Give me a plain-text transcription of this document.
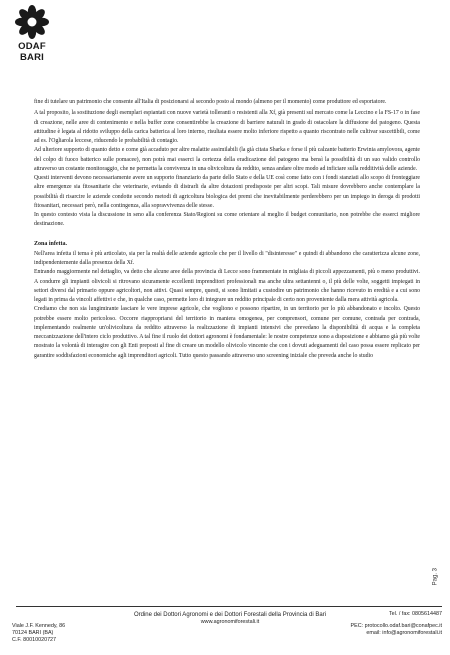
ODAF BARI

fine di tutelare un patrimonio che consente all'Italia di posizionarsi al secondo posto al mondo (almeno per il momento) come produttore ed esportatore.

A tal proposito, la sostituzione degli esemplari espiantati con nuove varietà tolleranti o resistenti alla Xf, già presenti sul mercato come la Leccino e la FS-17 o in fase di creazione, nelle aree di contenimento e nella buffer zone consentirebbe la creazione di barriere naturali in grado di ostacolare la diffusione del patogeno. Questa attitudine è legata al ridotto sviluppo della carica batterica al loro interno, risultata essere molto inferiore rispetto a quanto riscontrato nelle cultivar suscettibili, come ad es. l'Ogliarola leccese, riducendo le probabilità di contagio.

Ad ulteriore supporto di quanto detto e come già accaduto per altre malattie assimilabili (la già citata Sharka e forse il più calzante batterio Erwinia amylovora, agente del colpo di fuoco batterico sulle pomacee), non potrà mai esserci la certezza della eradicazione del patogeno ma bensì la possibilità di un suo valido controllo attraverso un costante monitoraggio, che ne permetta la convivenza in una olivicoltura da reddito, senza andare oltre modo ad inficiare sulla redditività delle aziende.

Questi interventi devono necessariamente avere un supporto finanziario da parte dello Stato e della UE così come fatto con i fondi stanziati allo scopo di fronteggiare altre emergenze sia fitosanitarie che veterinarie, evitando di distrarli da altre dotazioni predisposte per altri scopi. Tali misure dovrebbero anche contemplare la possibilità di risarcire le aziende condotte secondo metodi di agricoltura biologica dei premi che inevitabilmente perderebbero per un impiego in deroga di prodotti fitosanitari, necessari però, nella contingenza, alla sopravvivenza delle stesse.

In questo contesto vista la discussione in seno alla conferenza Stato/Regioni su come orientare al meglio il budget comunitario, non potrebbe che esserci migliore destinazione.

Zona infetta.

Nell'area infetta il tema è più articolato, sia per la realtà delle aziende agricole che per il livello di "disinteresse" e quindi di abbandono che caratterizza alcune zone, indipendentemente dalla presenza della Xf.

Entrando maggiormente nel dettaglio, va detto che alcune aree della provincia di Lecce sono frammentate in migliaia di piccoli appezzamenti, più o meno produttivi. A condurre gli impianti olivicoli si ritrovano sicuramente eccellenti imprenditori professionali ma anche ultra settantenni o, il più delle volte, soggetti impiegati in settori diversi dal primario oppure agricoltori, non attivi. Quasi sempre, questi, si sono limitati a custodire un patrimonio che hanno ricevuto in eredità e a cui sono legati in prima da vincoli affettivi e che, in qualche caso, permette loro di integrare un reddito principale di certo non proveniente dalla mera attività agricola.

Crediamo che non sia lungimirante lasciare le vere imprese agricole, che vogliono e possono ripartire, in un territorio per lo più abbandonato e incolto. Questo potrebbe essere molto pericoloso. Occorre riappropriarsi del territorio in maniera omogenea, per comprensori, comune per comune, contrada per contrada, implementando realmente un'olivicoltura da reddito attraverso la realizzazione di impianti intensivi che prevedano la disponibilità di acqua e la completa meccanizzazione dell'intero ciclo produttivo. A tal fine il ruolo dei dottori agronomi è fondamentale: le nostre competenze sono a disposizione e abbiamo già più volte mostrato la volontà di interagire con gli Enti preposti al fine di creare un modello olivicolo vincente che con i dovuti adeguamenti del caso possa essere replicato per garantire soddisfazioni economiche agli imprenditori agricoli. Tutto questo passando attraverso uno screening iniziale che preveda anche lo studio

Pag. 3
Viale J.F. Kennedy, 86
70124 BARI (BA)
C.F. 80010020727
Ordine dei Dottori Agronomi e dei Dottori Forestali della Provincia di Bari
www.agronomiforestali.it
Tel. / fax: 0805614487
PEC: protocollo.odaf.bari@conafpec.it
email: info@agronomiforestali.it
